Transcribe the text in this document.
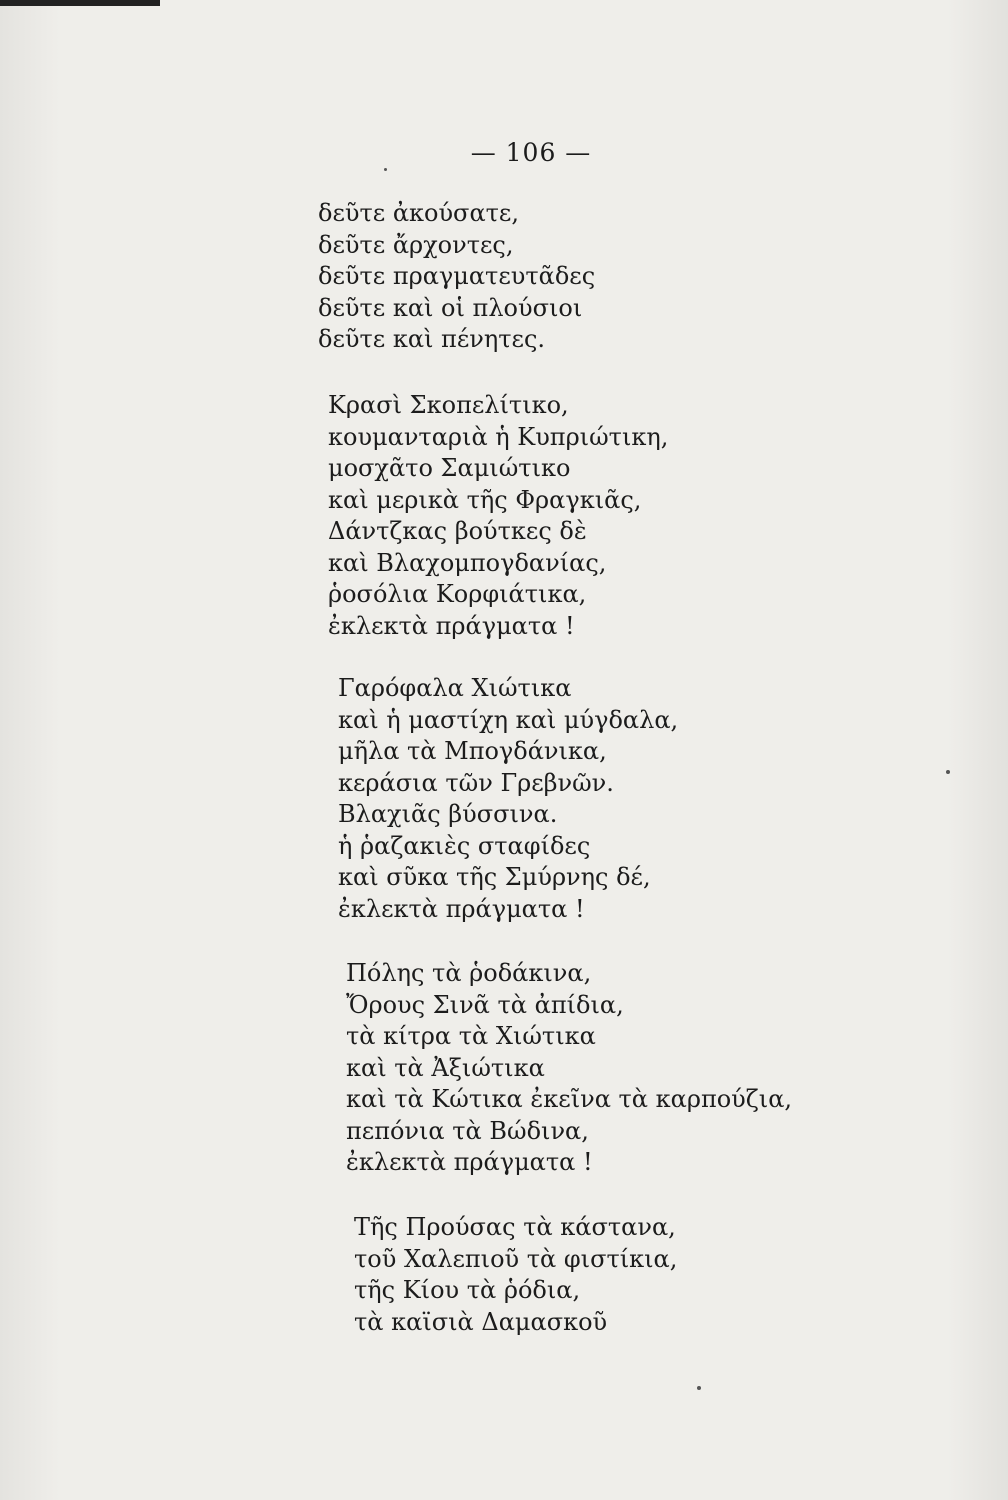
— 106 —
δεῦτε ἀκούσατε,
δεῦτε ἄρχοντες,
δεῦτε πραγματευτᾶδες
δεῦτε καὶ οἱ πλούσιοι
δεῦτε καὶ πένητες.
Κρασὶ Σκοπελίτικο,
κουμανταριὰ ἡ Κυπριώτικη,
μοσχᾶτο Σαμιώτικο
καὶ μερικὰ τῆς Φραγκιᾶς,
Δάντζκας βούτκες δὲ
καὶ Βλαχομπογδανίας,
ῥοσόλια Κορφιάτικα,
ἐκλεκτὰ πράγματα !
Γαρόφαλα Χιώτικα
καὶ ἡ μαστίχη καὶ μύγδαλα,
μῆλα τὰ Μπογδάνικα,
κεράσια τῶν Γρεβνῶν.
Βλαχιᾶς βύσσινα.
ἡ ῥαζακιὲς σταφίδες
καὶ σῦκα τῆς Σμύρνης δέ,
ἐκλεκτὰ πράγματα !
Πόλης τὰ ῥοδάκινα,
Ὄρους Σινᾶ τὰ ἀπίδια,
τὰ κίτρα τὰ Χιώτικα
καὶ τὰ Ἀξιώτικα
καὶ τὰ Κώτικα ἐκεῖνα τὰ καρπούζια,
πεπόνια τὰ Βώδινα,
ἐκλεκτὰ πράγματα !
Τῆς Προύσας τὰ κάστανα,
τοῦ Χαλεπιοῦ τὰ φιστίκια,
τῆς Κίου τὰ ῥόδια,
τὰ καϊσιὰ Δαμασκοῦ
